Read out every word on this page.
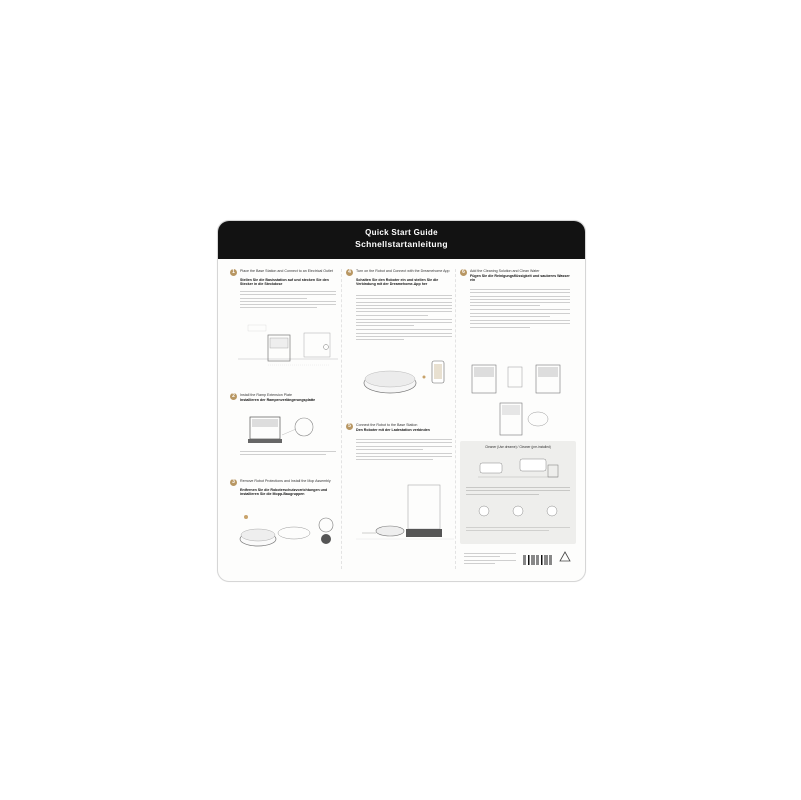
Quick Start Guide
Schnellstartanleitung
1	Place the Base Station and Connect to an Electrical Outlet
Stellen Sie die Basisstation auf und stecken Sie den Stecker in die Steckdose
2	Install the Ramp Extension Plate
Installieren der Rampenverlängerungsplatte
3	Remove Robot Protections and Install the Mop Assembly
Entfernen Sie die Roboterschutzvorrichtungen und installieren Sie die Mopp-Baugruppen
4	Turn on the Robot and Connect with the Dreamehome App
Schalten Sie den Roboter ein und stellen Sie die Verbindung mit der Dreamehome-App her
5	Connect the Robot to the Base Station
Den Roboter mit der Ladestation verbinden
6	Add the Cleaning Solution and Clean Water
Fügen Sie die Reinigungsflüssigkeit und sauberes Wasser ein
Cleaner (Use dreame) / Cleaner (pre-installed)
